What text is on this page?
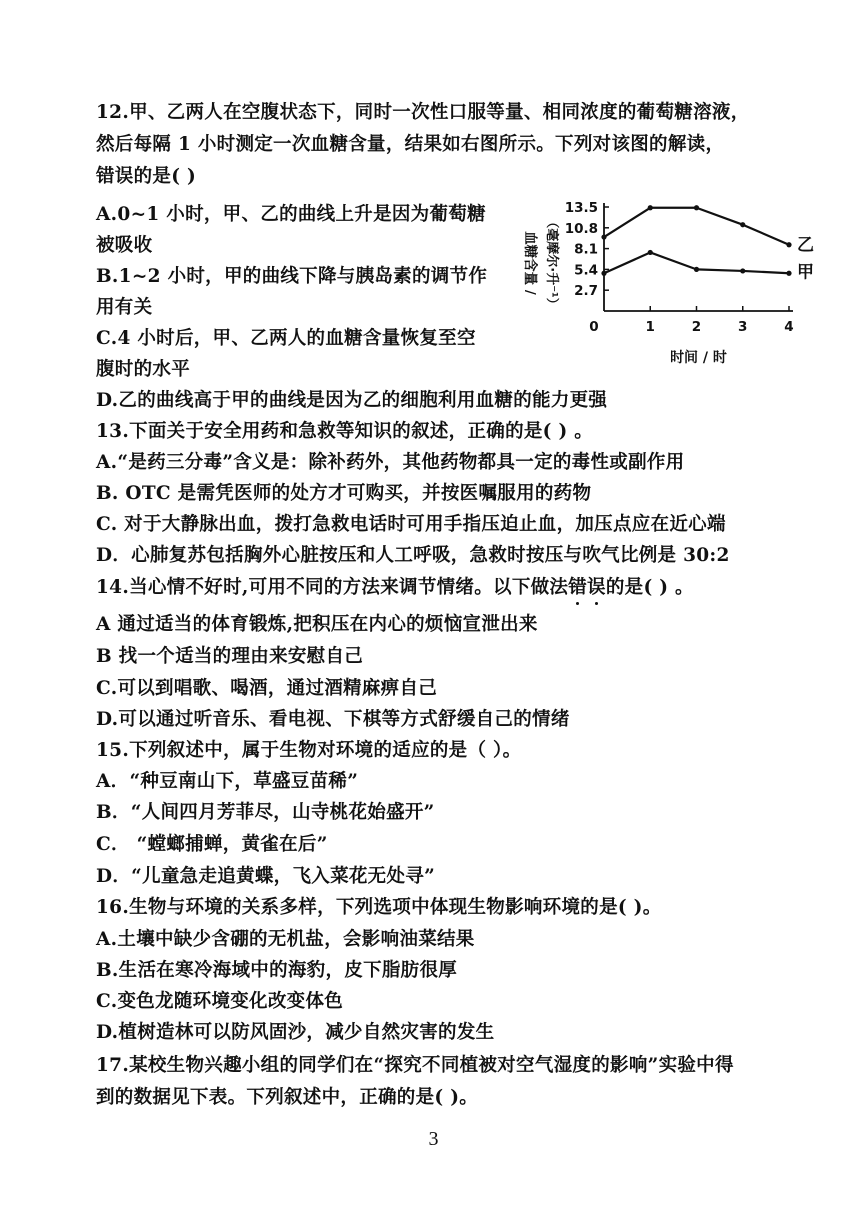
12.甲、乙两人在空腹状态下，同时一次性口服等量、相同浓度的葡萄糖溶液，
然后每隔 1 小时测定一次血糖含量，结果如右图所示。下列对该图的解读，
错误的是( )
A.0~1 小时，甲、乙的曲线上升是因为葡萄糖
被吸收
B.1~2 小时，甲的曲线下降与胰岛素的调节作
用有关
C.4 小时后，甲、乙两人的血糖含量恢复至空
腹时的水平
D.乙的曲线高于甲的曲线是因为乙的细胞利用血糖的能力更强
13.5
10.8
8.1
5.4
2.7
0	1	2	3	4
乙
甲
血糖含量 / （毫摩尔·升⁻¹）
时间 / 时
13.下面关于安全用药和急救等知识的叙述，正确的是( ) 。
A.“是药三分毒”含义是：除补药外，其他药物都具一定的毒性或副作用
B. OTC 是需凭医师的处方才可购买，并按医嘱服用的药物
C. 对于大静脉出血，拨打急救电话时可用手指压迫止血，加压点应在近心端
D．心肺复苏包括胸外心脏按压和人工呼吸，急救时按压与吹气比例是 30:2
14.当心情不好时,可用不同的方法来调节情绪。以下做法错误的是( ) 。
A 通过适当的体育锻炼,把积压在内心的烦恼宣泄出来
B 找一个适当的理由来安慰自己
C.可以到唱歌、喝酒，通过酒精麻痹自己
D.可以通过听音乐、看电视、下棋等方式舒缓自己的情绪
15.下列叙述中，属于生物对环境的适应的是（ ）。
A．“种豆南山下，草盛豆苗稀”
B．“人间四月芳菲尽，山寺桃花始盛开”
C． “螳螂捕蝉，黄雀在后”
D．“儿童急走追黄蝶，飞入菜花无处寻”
16.生物与环境的关系多样，下列选项中体现生物影响环境的是( )。
A.土壤中缺少含硼的无机盐，会影响油菜结果
B.生活在寒冷海域中的海豹，皮下脂肪很厚
C.变色龙随环境变化改变体色
D.植树造林可以防风固沙，减少自然灾害的发生
17.某校生物兴趣小组的同学们在“探究不同植被对空气湿度的影响”实验中得
到的数据见下表。下列叙述中，正确的是( )。
3
